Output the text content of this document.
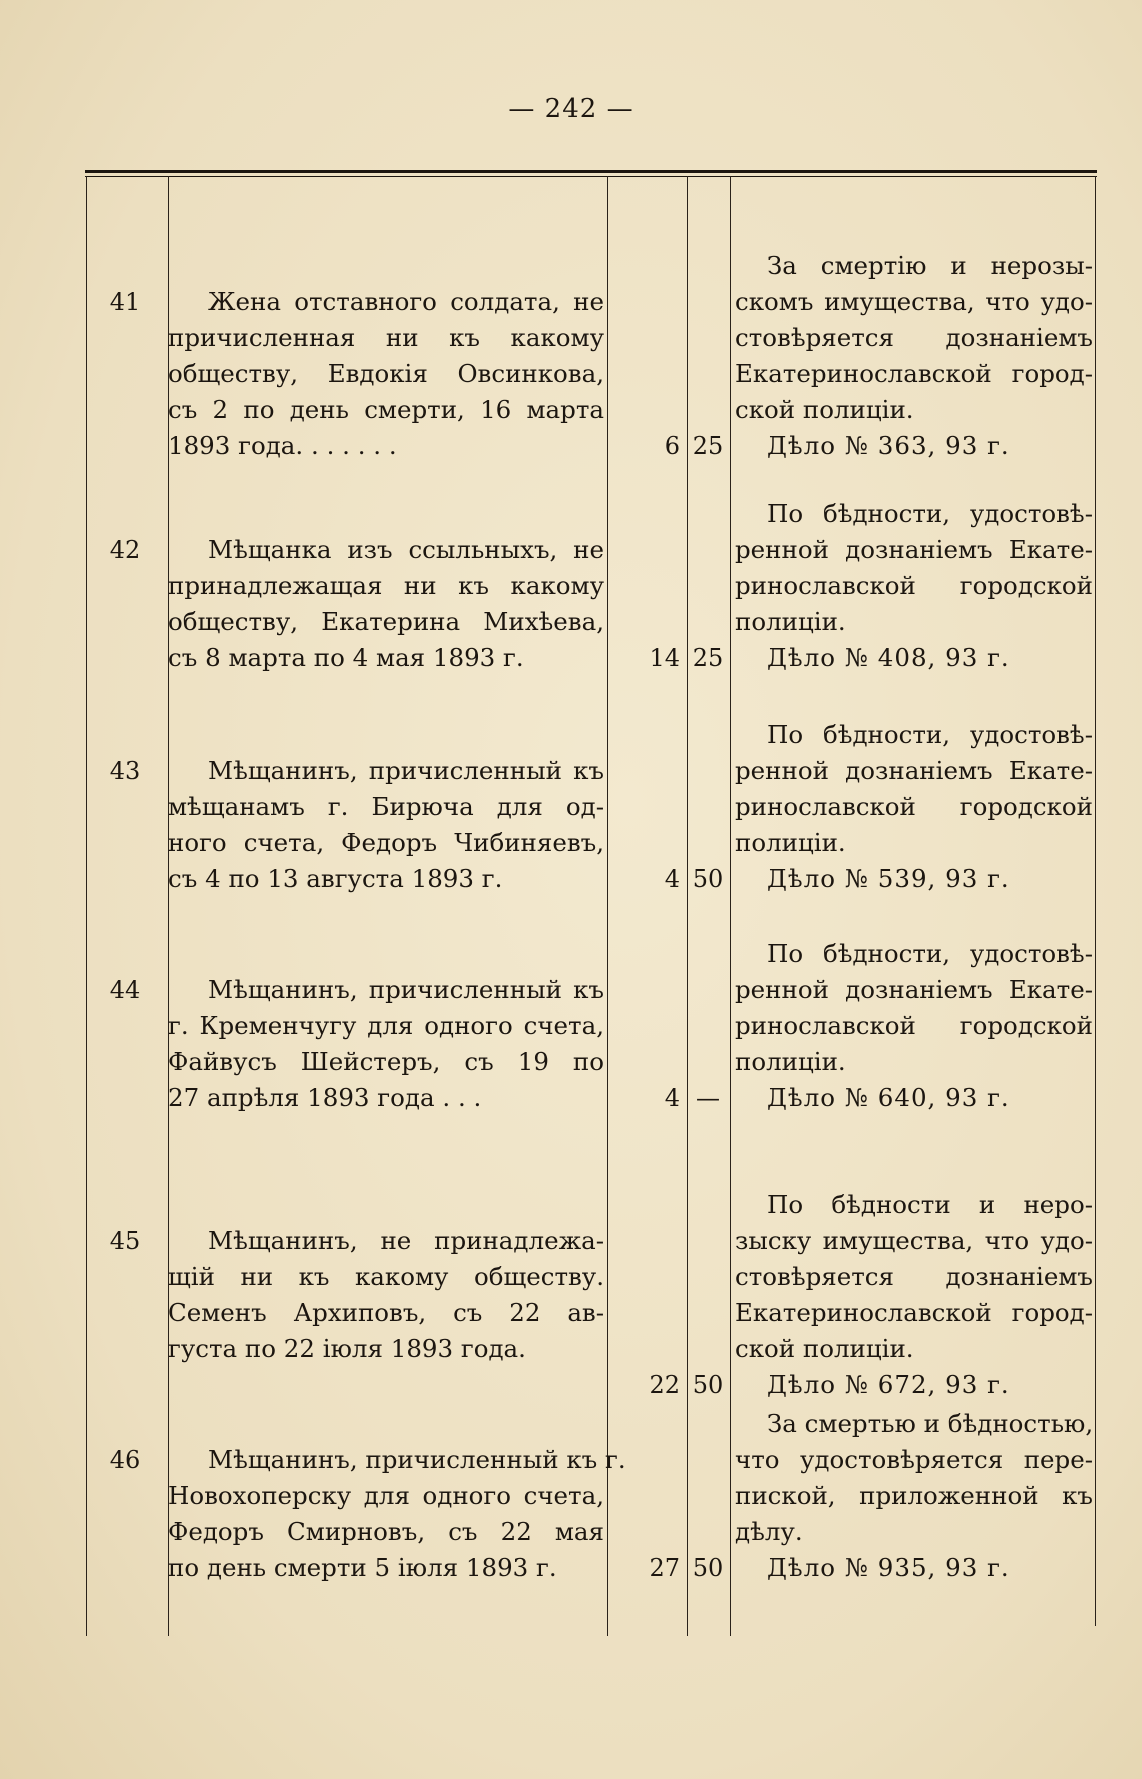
— 242 —
41	Жена отставного солдата, не
причисленная ни къ какому
обществу, Евдокія Овсинкова,
съ 2 по день смерти, 16 марта
1893 года. . . . . . .	6 25
За смертію и нерозы-
скомъ имущества, что удо-
стовѣряется дознаніемъ
Екатеринославской город-
ской полиціи.
Дѣло № 363, 93 г.
42	Мѣщанка изъ ссыльныхъ, не
принадлежащая ни къ какому
обществу, Екатерина Михѣева,
съ 8 марта по 4 мая 1893 г.	14 25
По бѣдности, удостовѣ-
ренной дознаніемъ Екате-
ринославской городской
полиціи.
Дѣло № 408, 93 г.
43	Мѣщанинъ, причисленный къ
мѣщанамъ г. Бирюча для од-
ного счета, Федоръ Чибиняевъ,
съ 4 по 13 августа 1893 г.	4 50
По бѣдности, удостовѣ-
ренной дознаніемъ Екате-
ринославской городской
полиціи.
Дѣло № 539, 93 г.
44	Мѣщанинъ, причисленный къ
г. Кременчугу для одного счета,
Файвусъ Шейстеръ, съ 19 по
27 апрѣля 1893 года . . .	4 —
По бѣдности, удостовѣ-
ренной дознаніемъ Екате-
ринославской городской
полиціи.
Дѣло № 640, 93 г.
45	Мѣщанинъ, не принадлежа-
щій ни къ какому обществу.
Семенъ Архиповъ, съ 22 ав-
густа по 22 іюля 1893 года.
22 50
По бѣдности и неро-
зыску имущества, что удо-
стовѣряется дознаніемъ
Екатеринославской город-
ской полиціи.
Дѣло № 672, 93 г.
46	Мѣщанинъ, причисленный къ г.
Новохоперску для одного счета,
Федоръ Смирновъ, съ 22 мая
по день смерти 5 іюля 1893 г.	27 50
За смертью и бѣдностью,
что удостовѣряется пере-
пиской, приложенной къ
дѣлу.
Дѣло № 935, 93 г.
